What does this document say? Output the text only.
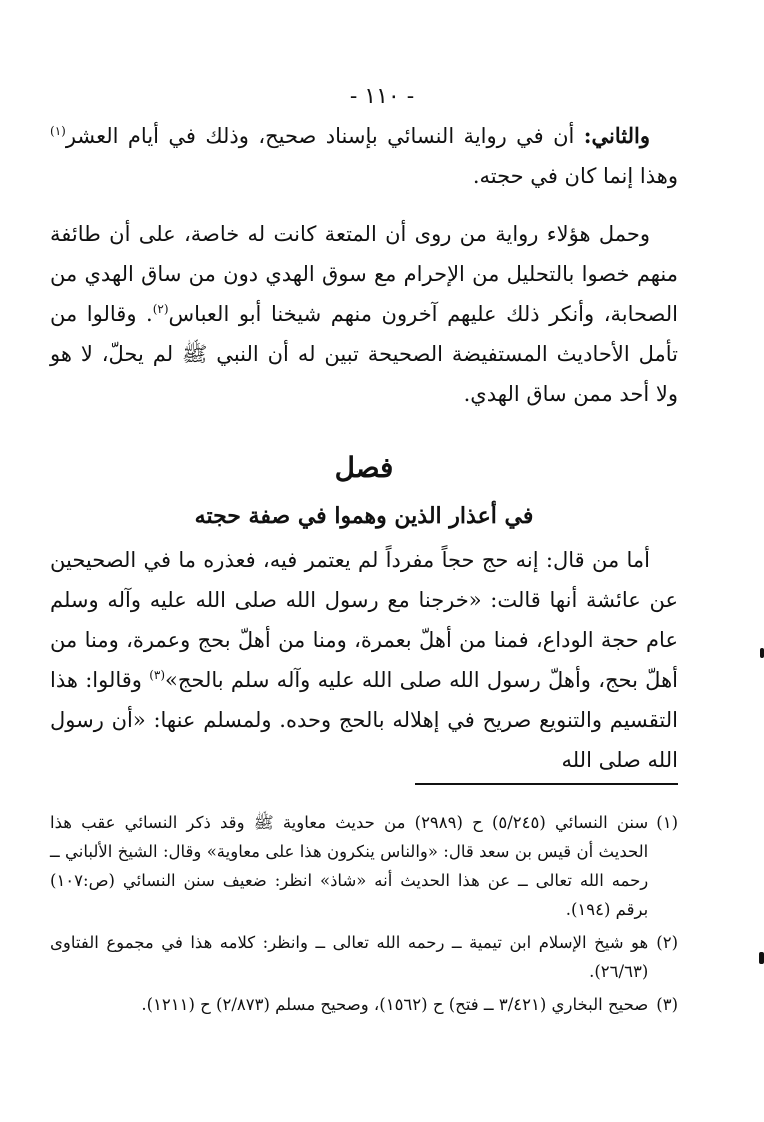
- ١١٠ -

والثاني: أن في رواية النسائي بإسناد صحيح، وذلك في أيام العشر$^{(١)}$ وهذا إنما كان في حجته.

وحمل هؤلاء رواية من روى أن المتعة كانت له خاصة، على أن طائفة منهم خصوا بالتحليل من الإحرام مع سوق الهدي دون من ساق الهدي من الصحابة، وأنكر ذلك عليهم آخرون منهم شيخنا أبو العباس$^{(٢)}$. وقالوا من تأمل الأحاديث المستفيضة الصحيحة تبين له أن النبي ﷺ لم يحلّ، لا هو ولا أحد ممن ساق الهدي.

فصل
في أعذار الذين وهموا في صفة حجته

أما من قال: إنه حج حجاً مفرداً لم يعتمر فيه، فعذره ما في الصحيحين عن عائشة أنها قالت: «خرجنا مع رسول الله صلى الله عليه وآله وسلم عام حجة الوداع، فمنا من أهلّ بعمرة، ومنا من أهلّ بحج وعمرة، ومنا من أهلّ بحج، وأهلّ رسول الله صلى الله عليه وآله سلم بالحج»$^{(٣)}$ وقالوا: هذا التقسيم والتنويع صريح في إهلاله بالحج وحده. ولمسلم عنها: «أن رسول الله صلى الله

(١)
سنن النسائي (٥/٢٤٥) ح (٢٩٨٩) من حديث معاوية ﷺ وقد ذكر النسائي عقب هذا الحديث أن قيس بن سعد قال: «والناس ينكرون هذا على معاوية» وقال: الشيخ الألباني ــ رحمه الله تعالى ــ عن هذا الحديث أنه «شاذ» انظر: ضعيف سنن النسائي (ص:١٠٧) برقم (١٩٤).
(٢)
هو شيخ الإسلام ابن تيمية ــ رحمه الله تعالى ــ وانظر: كلامه هذا في مجموع الفتاوى (٢٦/٦٣).
(٣)
صحيح البخاري (٣/٤٢١ ــ فتح) ح (١٥٦٢)، وصحيح مسلم (٢/٨٧٣) ح (١٢١١).
